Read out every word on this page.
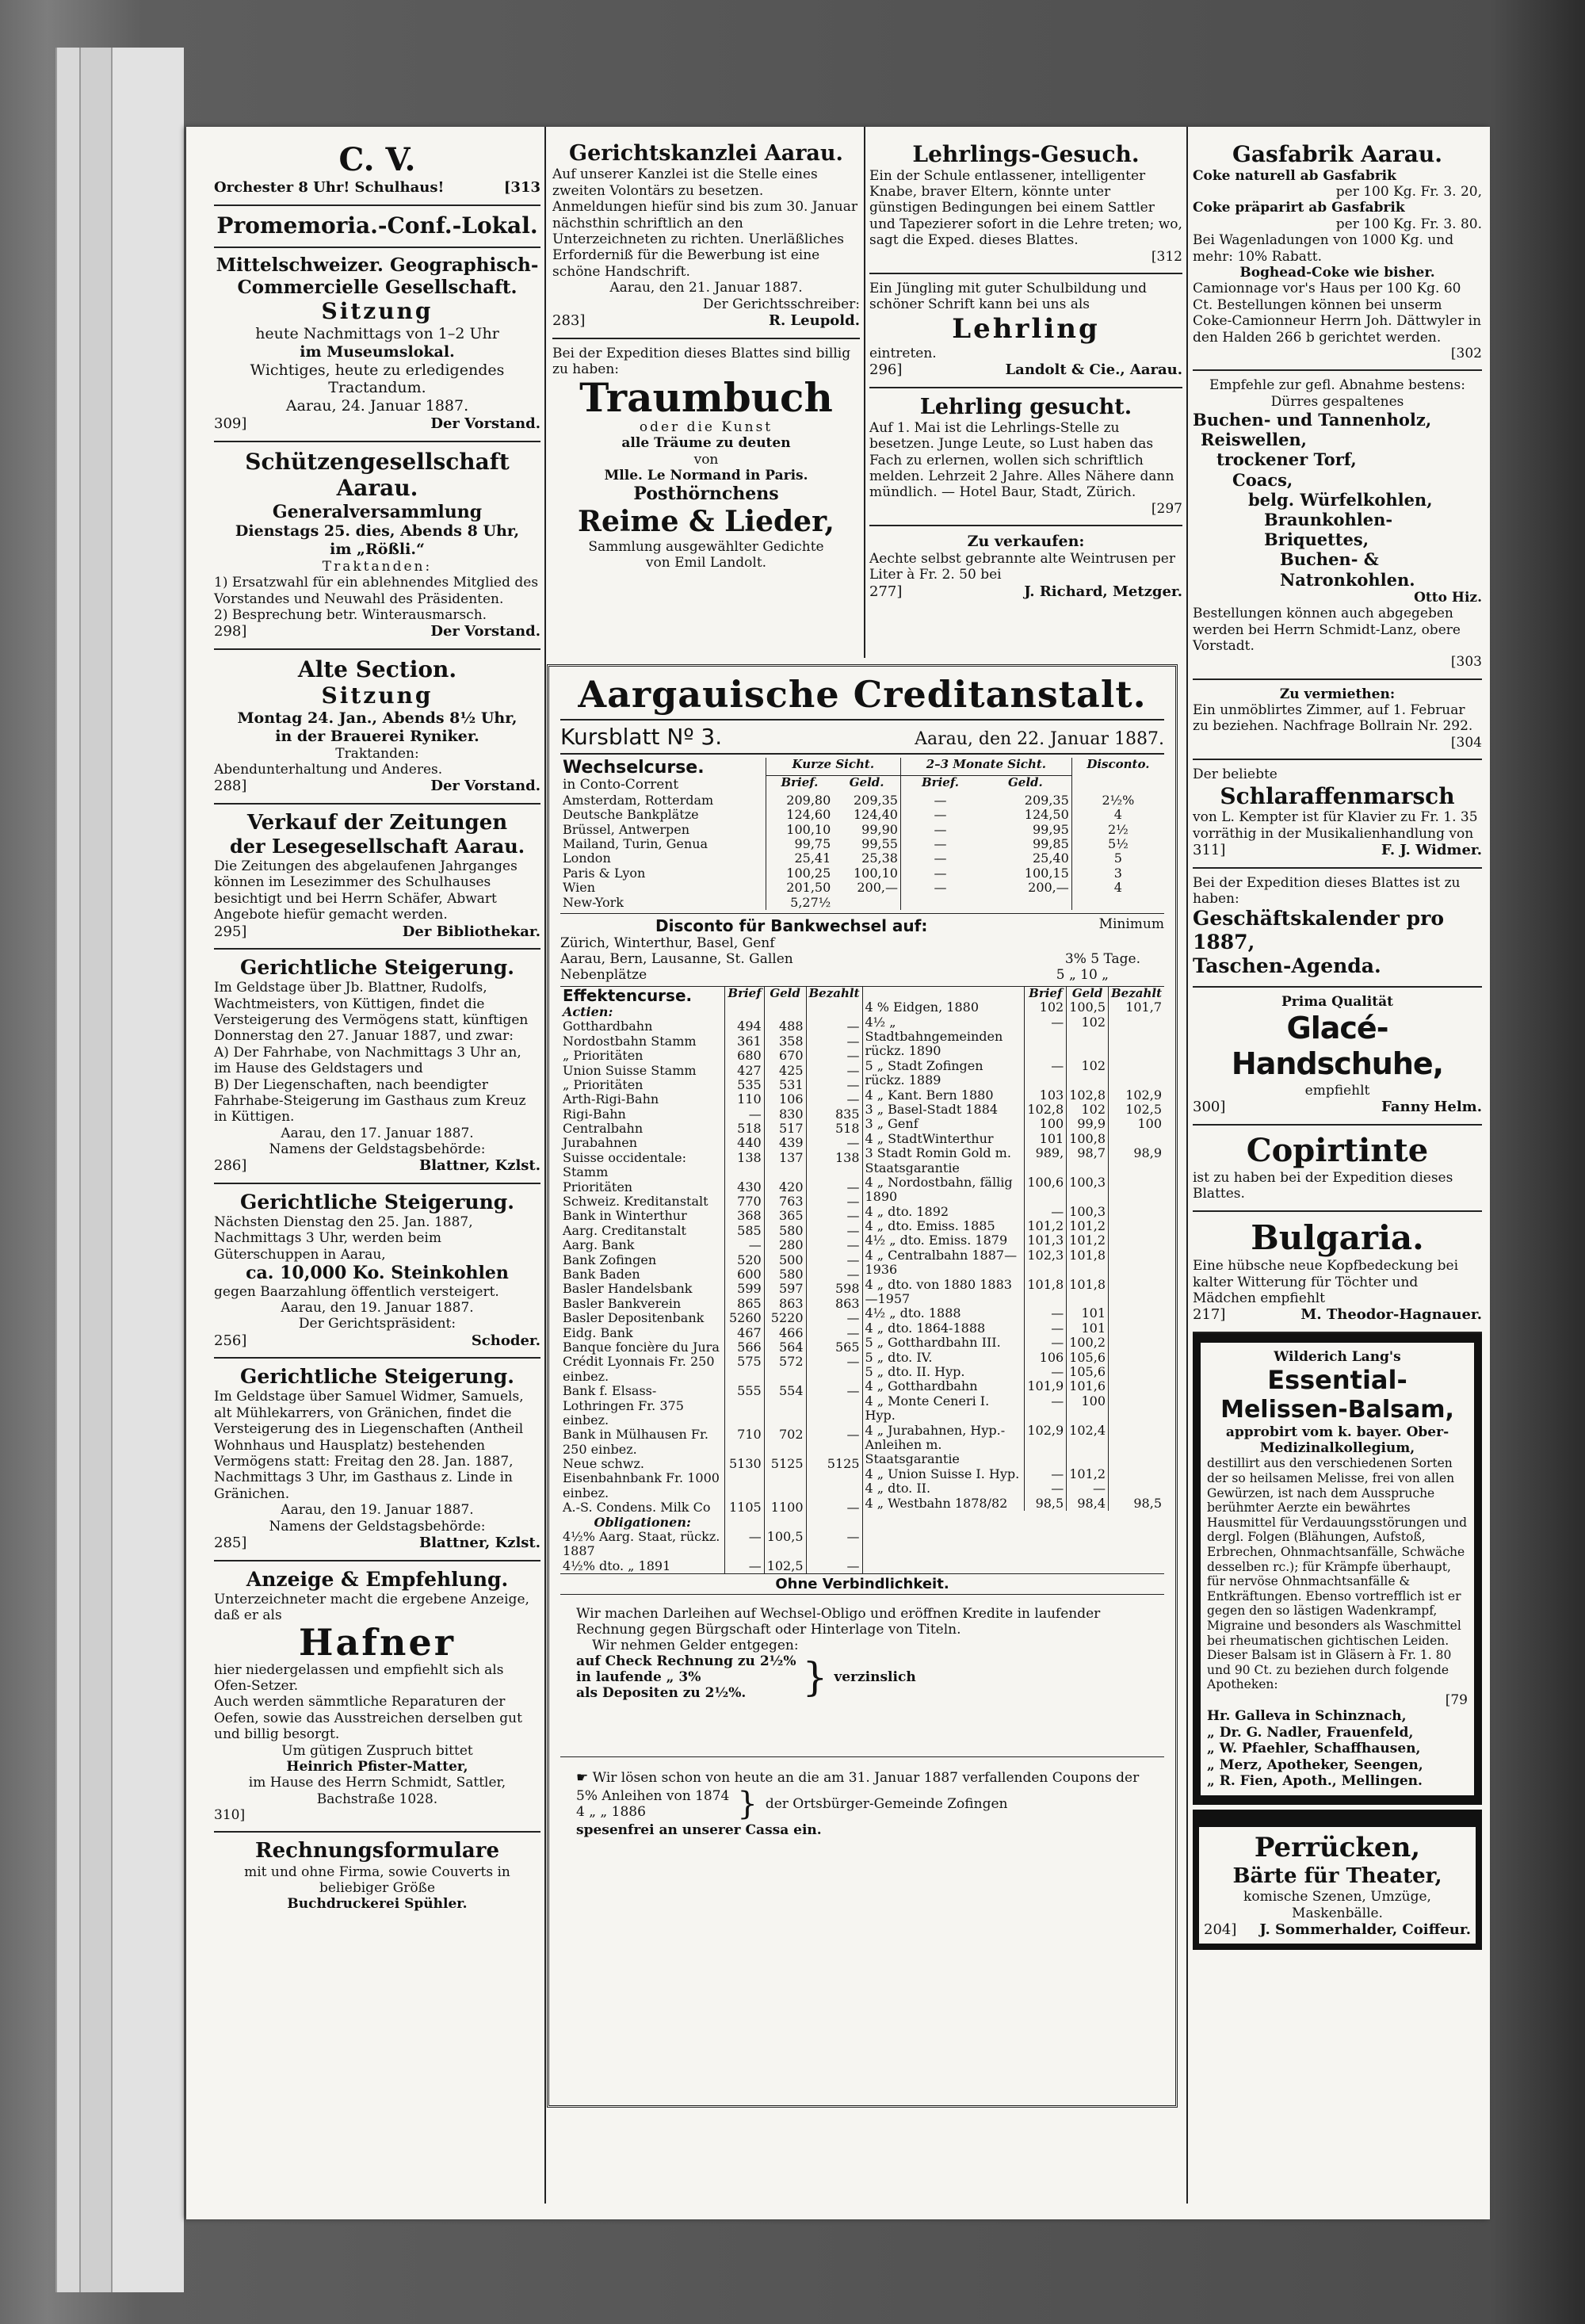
C. V.
Orchester 8 Uhr! Schulhaus!	[313
Promemoria.-Conf.-Lokal.
Mittelschweizer. Geographisch-Commercielle Gesellschaft.
Sitzung
heute Nachmittags von 1–2 Uhr
im Museumslokal.
Wichtiges, heute zu erledigendes Tractandum.
Aarau, 24. Januar 1887.
309]	Der Vorstand.
Schützengesellschaft Aarau.
Generalversammlung
Dienstags 25. dies, Abends 8 Uhr,
im „Rößli.“
Traktanden:
1) Ersatzwahl für ein ablehnendes Mitglied des Vorstandes und Neuwahl des Präsidenten.
2) Besprechung betr. Winterausmarsch.
298]	Der Vorstand.
Alte Section.
Sitzung
Montag 24. Jan., Abends 8½ Uhr,
in der Brauerei Ryniker.
Traktanden:
Abendunterhaltung und Anderes.
288]	Der Vorstand.
Verkauf der Zeitungen
der Lesegesellschaft Aarau.
Die Zeitungen des abgelaufenen Jahrganges können im Lesezimmer des Schulhauses besichtigt und bei Herrn Schäfer, Abwart Angebote hiefür gemacht werden.
295]	Der Bibliothekar.
Gerichtliche Steigerung.
Im Geldstage über Jb. Blattner, Rudolfs, Wachtmeisters, von Küttigen, findet die Versteigerung des Vermögens statt, künftigen Donnerstag den 27. Januar 1887, und zwar:
A) Der Fahrhabe, von Nachmittags 3 Uhr an, im Hause des Geldstagers und
B) Der Liegenschaften, nach beendigter Fahrhabe-Steigerung im Gasthaus zum Kreuz in Küttigen.
Aarau, den 17. Januar 1887.
Namens der Geldstagsbehörde:
286]	Blattner, Kzlst.
Gerichtliche Steigerung.
Nächsten Dienstag den 25. Jan. 1887, Nachmittags 3 Uhr, werden beim Güterschuppen in Aarau,
ca. 10,000 Ko. Steinkohlen
gegen Baarzahlung öffentlich versteigert.
Aarau, den 19. Januar 1887.
Der Gerichtspräsident:
256]	Schoder.
Gerichtliche Steigerung.
Im Geldstage über Samuel Widmer, Samuels, alt Mühlekarrers, von Gränichen, findet die Versteigerung des in Liegenschaften (Antheil Wohnhaus und Hausplatz) bestehenden Vermögens statt: Freitag den 28. Jan. 1887, Nachmittags 3 Uhr, im Gasthaus z. Linde in Gränichen.
Aarau, den 19. Januar 1887.
Namens der Geldstagsbehörde:
285]	Blattner, Kzlst.
Anzeige & Empfehlung.
Unterzeichneter macht die ergebene Anzeige, daß er als
Hafner
hier niedergelassen und empfiehlt sich als Ofen-Setzer.
Auch werden sämmtliche Reparaturen der Oefen, sowie das Ausstreichen derselben gut und billig besorgt.
Um gütigen Zuspruch bittet
Heinrich Pfister-Matter,
im Hause des Herrn Schmidt, Sattler, Bachstraße 1028.
310]
Rechnungsformulare
mit und ohne Firma, sowie Couverts in beliebiger Größe
Buchdruckerei Spühler.
Gerichtskanzlei Aarau.
Auf unserer Kanzlei ist die Stelle eines zweiten Volontärs zu besetzen. Anmeldungen hiefür sind bis zum 30. Januar nächsthin schriftlich an den Unterzeichneten zu richten. Unerläßliches Erforderniß für die Bewerbung ist eine schöne Handschrift.
Aarau, den 21. Januar 1887.
Der Gerichtsschreiber:
283]	R. Leupold.
Bei der Expedition dieses Blattes sind billig zu haben:
Traumbuch
oder die Kunst
alle Träume zu deuten
von
Mlle. Le Normand in Paris.
Posthörnchens
Reime & Lieder,
Sammlung ausgewählter Gedichte
von Emil Landolt.
Lehrlings-Gesuch.
Ein der Schule entlassener, intelligenter Knabe, braver Eltern, könnte unter günstigen Bedingungen bei einem Sattler und Tapezierer sofort in die Lehre treten; wo, sagt die Exped. dieses Blattes.
[312
Ein Jüngling mit guter Schulbildung und schöner Schrift kann bei uns als
Lehrling
eintreten.
296]	Landolt & Cie., Aarau.
Lehrling gesucht.
Auf 1. Mai ist die Lehrlings-Stelle zu besetzen. Junge Leute, so Lust haben das Fach zu erlernen, wollen sich schriftlich melden. Lehrzeit 2 Jahre. Alles Nähere dann mündlich. — Hotel Baur, Stadt, Zürich.
[297
Zu verkaufen:
Aechte selbst gebrannte alte Weintrusen per Liter à Fr. 2. 50 bei
277]	J. Richard, Metzger.
Gasfabrik Aarau.
Coke naturell ab Gasfabrik
per 100 Kg. Fr. 3. 20,
Coke präparirt ab Gasfabrik
per 100 Kg. Fr. 3. 80.
Bei Wagenladungen von 1000 Kg. und mehr: 10% Rabatt.
Boghead-Coke wie bisher.
Camionnage vor's Haus per 100 Kg. 60 Ct. Bestellungen können bei unserm Coke-Camionneur Herrn Joh. Dättwyler in den Halden 266 b gerichtet werden.
[302
Empfehle zur gefl. Abnahme bestens: Dürres gespaltenes
Buchen- und Tannenholz,
Reiswellen,
trockener Torf,
Coacs,
belg. Würfelkohlen,
Braunkohlen-Briquettes,
Buchen- & Natronkohlen.
Otto Hiz.
Bestellungen können auch abgegeben werden bei Herrn Schmidt-Lanz, obere Vorstadt.
[303
Zu vermiethen:
Ein unmöblirtes Zimmer, auf 1. Februar zu beziehen. Nachfrage Bollrain Nr. 292.
[304
Der beliebte
Schlaraffenmarsch
von L. Kempter ist für Klavier zu Fr. 1. 35 vorräthig in der Musikalienhandlung von
311]	F. J. Widmer.
Bei der Expedition dieses Blattes ist zu haben:
Geschäftskalender pro 1887,
Taschen-Agenda.
Prima Qualität
Glacé-Handschuhe,
empfiehlt
300]	Fanny Helm.
Copirtinte
ist zu haben bei der Expedition dieses Blattes.
Bulgaria.
Eine hübsche neue Kopfbedeckung bei kalter Witterung für Töchter und Mädchen empfiehlt
217]	M. Theodor-Hagnauer.
Wilderich Lang's
Essential-
Melissen-Balsam,
approbirt vom k. bayer. Ober-Medizinalkollegium,
destillirt aus den verschiedenen Sorten der so heilsamen Melisse, frei von allen Gewürzen, ist nach dem Ausspruche berühmter Aerzte ein bewährtes Hausmittel für Verdauungsstörungen und dergl. Folgen (Blähungen, Aufstoß, Erbrechen, Ohnmachtsanfälle, Schwäche desselben rc.); für Krämpfe überhaupt, für nervöse Ohnmachtsanfälle & Entkräftungen. Ebenso vortrefflich ist er gegen den so lästigen Wadenkrampf, Migraine und besonders als Waschmittel bei rheumatischen gichtischen Leiden.
Dieser Balsam ist in Gläsern à Fr. 1. 80 und 90 Ct. zu beziehen durch folgende Apotheken:
[79
Hr. Galleva in Schinznach,
„ Dr. G. Nadler, Frauenfeld,
„ W. Pfaehler, Schaffhausen,
„ Merz, Apotheker, Seengen,
„ R. Fien, Apoth., Mellingen.
Perrücken,
Bärte für Theater,
komische Szenen, Umzüge, Maskenbälle.
204] J. Sommerhalder, Coiffeur.
Aargauische Creditanstalt.
Kursblatt Nº 3.	Aarau, den 22. Januar 1887.
Wechselcurse.
in Conto-Corrent	Kurze Sicht.		2–3 Monate Sicht.		Disconto.
	Brief.	Geld.	Brief.	Geld.	
Amsterdam, Rotterdam	209,80	209,35	—	209,35	2½%
Deutsche Bankplätze	124,60	124,40	—	124,50	4
Brüssel, Antwerpen	100,10	99,90	—	99,95	2½
Mailand, Turin, Genua	99,75	99,55	—	99,85	5½
London	25,41	25,38	—	25,40	5
Paris & Lyon	100,25	100,10	—	100,15	3
Wien	201,50	200,—	—	200,—	4
New-York	5,27½				
Disconto für Bankwechsel auf:	Minimum
Zürich, Winterthur, Basel, Genf
Aarau, Bern, Lausanne, St. Gallen	3% 5 Tage.
Nebenplätze	5 „ 10 „
Effektencurse.	Brief	Geld	Bezahlt
Actien:			
Gotthardbahn	494	488	—
Nordostbahn Stamm	361	358	—
„ Prioritäten	680	670	—
Union Suisse Stamm	427	425	—
„ Prioritäten	535	531	—
Arth-Rigi-Bahn	110	106	—
Rigi-Bahn	—	830	835
Centralbahn	518	517	518
Jurabahnen	440	439	—
Suisse occidentale: Stamm	138	137	138
Prioritäten	430	420	—
Schweiz. Kreditanstalt	770	763	—
Bank in Winterthur	368	365	—
Aarg. Creditanstalt	585	580	—
Aarg. Bank	—	280	—
Bank Zofingen	520	500	—
Bank Baden	600	580	—
Basler Handelsbank	599	597	598
Basler Bankverein	865	863	863
Basler Depositenbank	5260	5220	—
Eidg. Bank	467	466	—
Banque foncière du Jura	566	564	565
Crédit Lyonnais Fr. 250 einbez.	575	572	—
Bank f. Elsass-Lothringen Fr. 375 einbez.	555	554	—
Bank in Mülhausen Fr. 250 einbez.	710	702	—
Neue schwz. Eisenbahnbank Fr. 1000 einbez.	5130	5125	5125
A.-S. Condens. Milk Co	1105	1100	—
Obligationen:			
4½% Aarg. Staat, rückz. 1887	—	100,5	—
4½% dto. „ 1891	—	102,5	—
	Brief	Geld	Bezahlt
4 % Eidgen, 1880	102	100,5	101,7
4½ „ Stadtbahngemeinden rückz. 1890	—	102	
5 „ Stadt Zofingen rückz. 1889	—	102	
4 „ Kant. Bern 1880	103	102,8	102,9
3 „ Basel-Stadt 1884	102,8	102	102,5
3 „ Genf	100	99,9	100
4 „ StadtWinterthur	101	100,8	
3 Stadt Romin Gold m. Staatsgarantie	989,	98,7	98,9
4 „ Nordostbahn, fällig 1890	100,6	100,3	
4 „ dto. 1892	—	100,3	
4 „ dto. Emiss. 1885	101,2	101,2	
4½ „ dto. Emiss. 1879	101,3	101,2	
4 „ Centralbahn 1887—1936	102,3	101,8	
4 „ dto. von 1880 1883—1957	101,8	101,8	
4½ „ dto. 1888	—	101	
4 „ dto. 1864-1888	—	101	
5 „ Gotthardbahn III.	—	100,2	
5 „ dto. IV.	106	105,6	
5 „ dto. II. Hyp.	—	105,6	
4 „ Gotthardbahn	101,9	101,6	
4 „ Monte Ceneri I. Hyp.	—	100	
4 „ Jurabahnen, Hyp.-Anleihen m. Staatsgarantie	102,9	102,4	
4 „ Union Suisse I. Hyp.	—	101,2	
4 „ dto. II.	—	—	
4 „ Westbahn 1878/82	98,5	98,4	98,5
Ohne Verbindlichkeit.
Wir machen Darleihen auf Wechsel-Obligo und eröffnen Kredite in laufender Rechnung gegen Bürgschaft oder Hinterlage von Titeln.
Wir nehmen Gelder entgegen:
auf Check Rechnung zu 2½%
in laufende „ 3%
als Depositen zu 2½%.	} verzinslich
☛ Wir lösen schon von heute an die am 31. Januar 1887 verfallenden Coupons der
5% Anleihen von 1874
4 „ „ 1886	} der Ortsbürger-Gemeinde Zofingen
spesenfrei an unserer Cassa ein.
